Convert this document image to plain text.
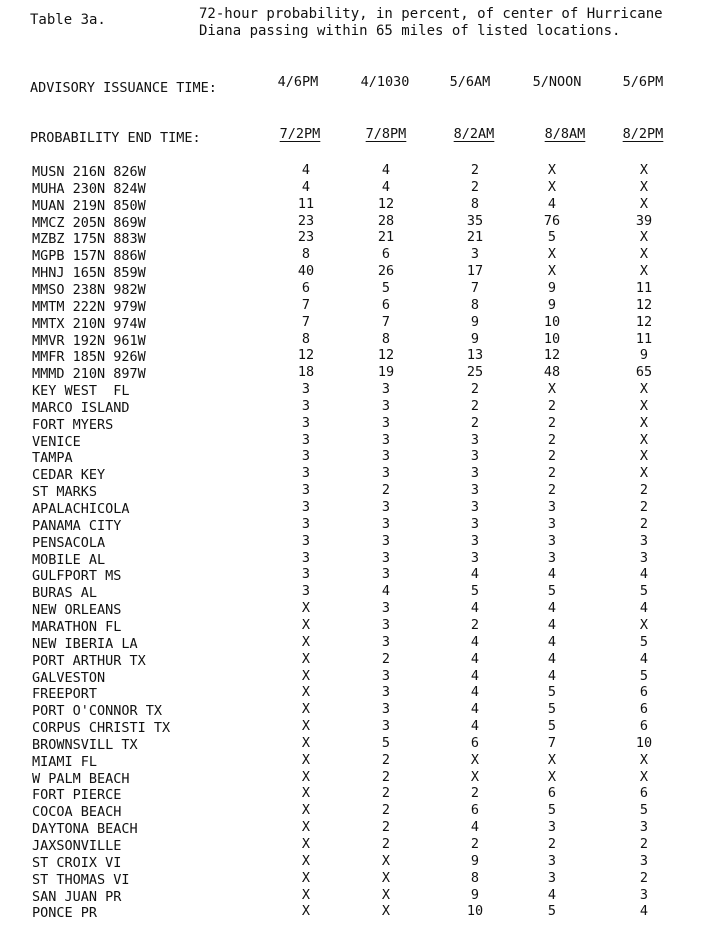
Table 3a.	72-hour probability, in percent, of center of Hurricane Diana passing within 65 miles of listed locations.
ADVISORY ISSUANCE TIME:
PROBABILITY END TIME:
4/6PM	4/1030	5/6AM	5/NOON	5/6PM
7/2PM	7/8PM	8/2AM	8/8AM	8/2PM
MUSN 216N 826W	4	4	2	X	X
MUHA 230N 824W	4	4	2	X	X
MUAN 219N 850W	11	12	8	4	X
MMCZ 205N 869W	23	28	35	76	39
MZBZ 175N 883W	23	21	21	5	X
MGPB 157N 886W	8	6	3	X	X
MHNJ 165N 859W	40	26	17	X	X
MMSO 238N 982W	6	5	7	9	11
MMTM 222N 979W	7	6	8	9	12
MMTX 210N 974W	7	7	9	10	12
MMVR 192N 961W	8	8	9	10	11
MMFR 185N 926W	12	12	13	12	9
MMMD 210N 897W	18	19	25	48	65
KEY WEST  FL	3	3	2	X	X
MARCO ISLAND	3	3	2	2	X
FORT MYERS	3	3	2	2	X
VENICE	3	3	3	2	X
TAMPA	3	3	3	2	X
CEDAR KEY	3	3	3	2	X
ST MARKS	3	2	3	2	2
APALACHICOLA	3	3	3	3	2
PANAMA CITY	3	3	3	3	2
PENSACOLA	3	3	3	3	3
MOBILE AL	3	3	3	3	3
GULFPORT MS	3	3	4	4	4
BURAS AL	3	4	5	5	5
NEW ORLEANS	X	3	4	4	4
MARATHON FL	X	3	2	4	X
NEW IBERIA LA	X	3	4	4	5
PORT ARTHUR TX	X	2	4	4	4
GALVESTON	X	3	4	4	5
FREEPORT	X	3	4	5	6
PORT O'CONNOR TX	X	3	4	5	6
CORPUS CHRISTI TX	X	3	4	5	6
BROWNSVILL TX	X	5	6	7	10
MIAMI FL	X	2	X	X	X
W PALM BEACH	X	2	X	X	X
FORT PIERCE	X	2	2	6	6
COCOA BEACH	X	2	6	5	5
DAYTONA BEACH	X	2	4	3	3
JAXSONVILLE	X	2	2	2	2
ST CROIX VI	X	X	9	3	3
ST THOMAS VI	X	X	8	3	2
SAN JUAN PR	X	X	9	4	3
PONCE PR	X	X	10	5	4
